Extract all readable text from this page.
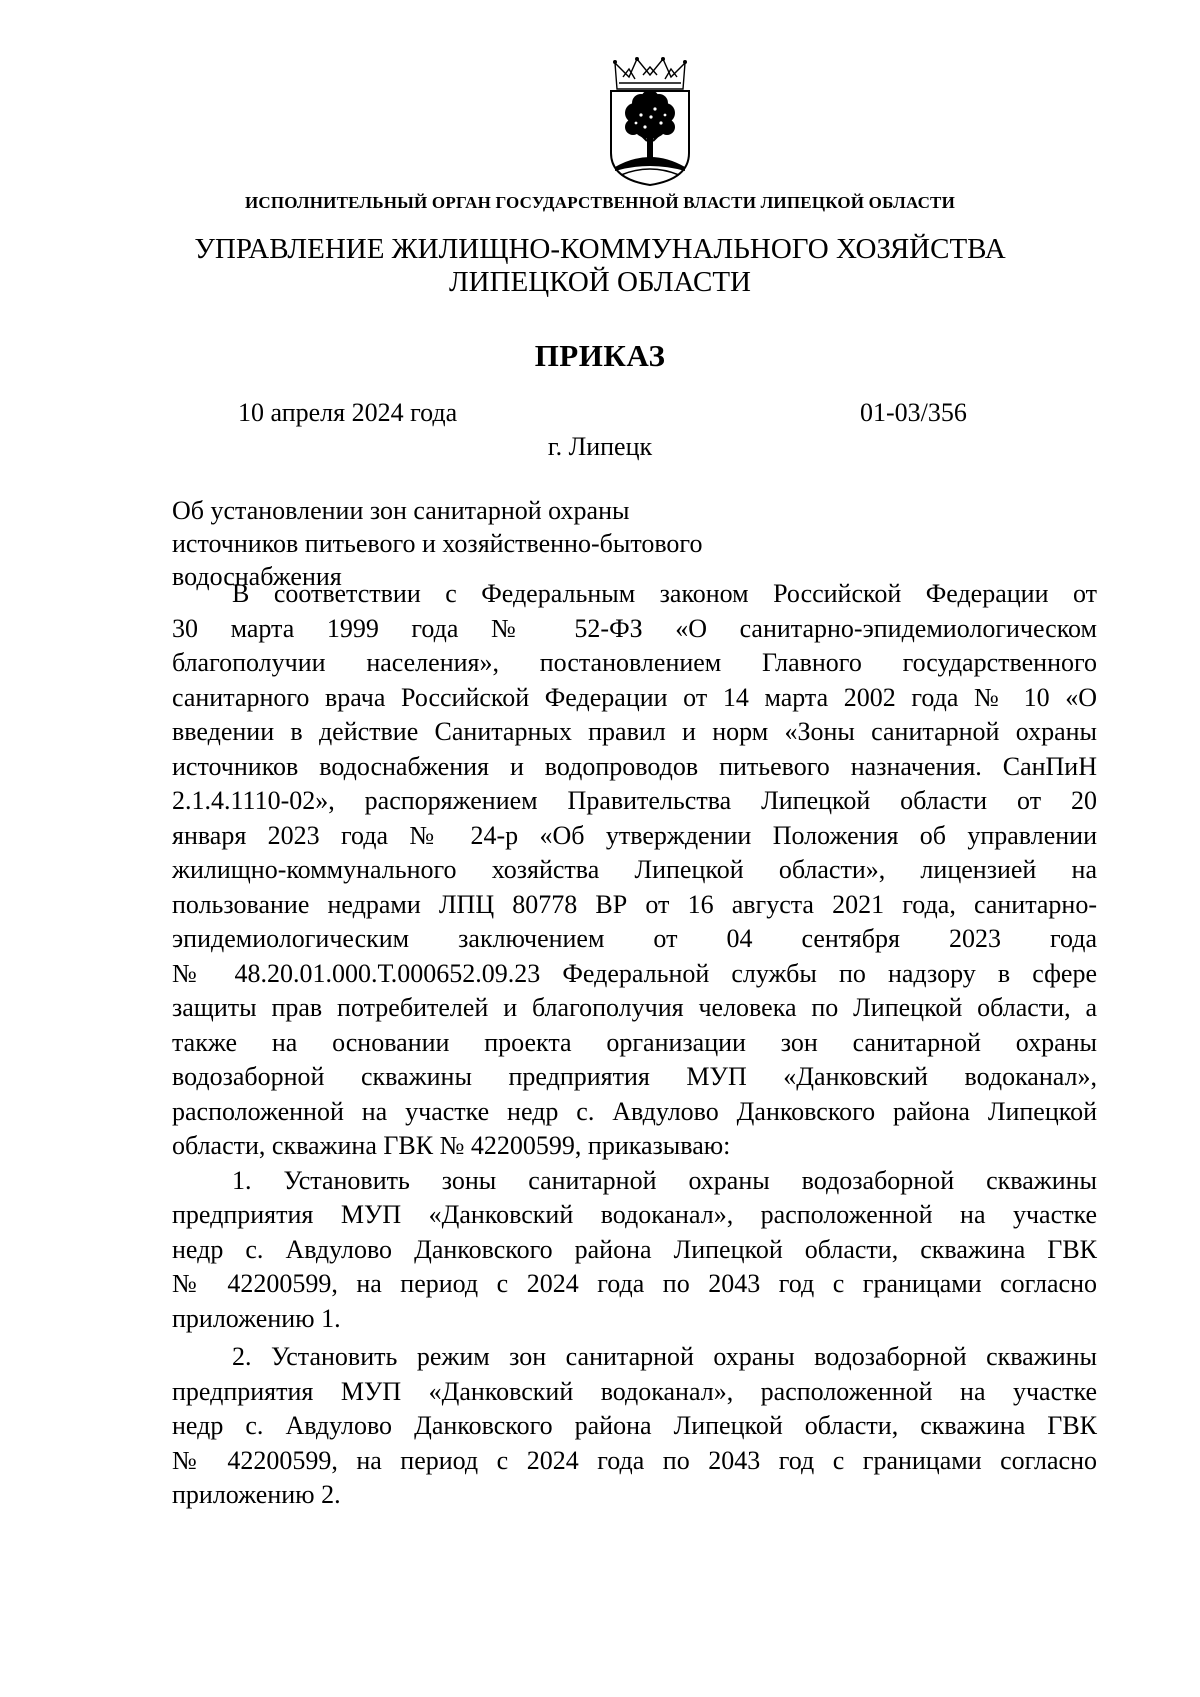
ИСПОЛНИТЕЛЬНЫЙ ОРГАН ГОСУДАРСТВЕННОЙ ВЛАСТИ ЛИПЕЦКОЙ ОБЛАСТИ
УПРАВЛЕНИЕ ЖИЛИЩНО-КОММУНАЛЬНОГО ХОЗЯЙСТВА
ЛИПЕЦКОЙ ОБЛАСТИ
ПРИКАЗ
10 апреля 2024 года	01-03/356
г. Липецк
Об установлении зон санитарной охраны
источников питьевого и хозяйственно-бытового
водоснабжения
В соответствии с Федеральным законом Российской Федерации от
30 марта 1999 года № 52-ФЗ «О санитарно-эпидемиологическом
благополучии населения», постановлением Главного государственного
санитарного врача Российской Федерации от 14 марта 2002 года № 10 «О
введении в действие Санитарных правил и норм «Зоны санитарной охраны
источников водоснабжения и водопроводов питьевого назначения. СанПиН
2.1.4.1110-02», распоряжением Правительства Липецкой области от 20
января 2023 года № 24-р «Об утверждении Положения об управлении
жилищно-коммунального хозяйства Липецкой области», лицензией на
пользование недрами ЛПЦ 80778 ВР от 16 августа 2021 года, санитарно-
эпидемиологическим заключением от 04 сентября 2023 года
№ 48.20.01.000.Т.000652.09.23 Федеральной службы по надзору в сфере
защиты прав потребителей и благополучия человека по Липецкой области, а
также на основании проекта организации зон санитарной охраны
водозаборной скважины предприятия МУП «Данковский водоканал»,
расположенной на участке недр с. Авдулово Данковского района Липецкой
области, скважина ГВК № 42200599, приказываю:
1. Установить зоны санитарной охраны водозаборной скважины
предприятия МУП «Данковский водоканал», расположенной на участке
недр с. Авдулово Данковского района Липецкой области, скважина ГВК
№ 42200599, на период с 2024 года по 2043 год с границами согласно
приложению 1.
2. Установить режим зон санитарной охраны водозаборной скважины
предприятия МУП «Данковский водоканал», расположенной на участке
недр с. Авдулово Данковского района Липецкой области, скважина ГВК
№ 42200599, на период с 2024 года по 2043 год с границами согласно
приложению 2.
